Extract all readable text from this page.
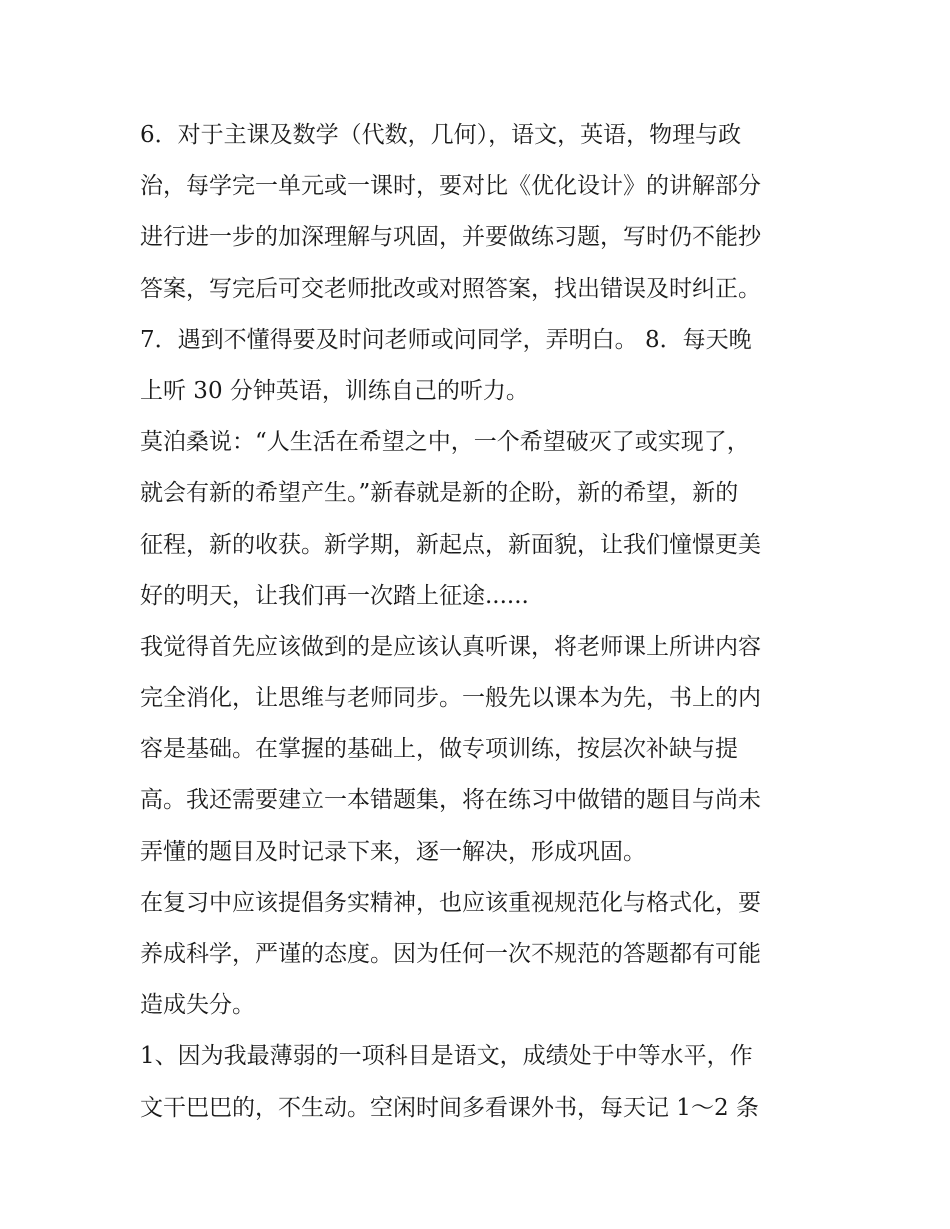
6．对于主课及数学（代数，几何），语文，英语，物理与政
治，每学完一单元或一课时，要对比《优化设计》的讲解部分
进行进一步的加深理解与巩固，并要做练习题，写时仍不能抄
答案，写完后可交老师批改或对照答案，找出错误及时纠正。
7．遇到不懂得要及时问老师或问同学，弄明白。 8．每天晚
上听 30 分钟英语，训练自己的听力。
莫泊桑说：“人生活在希望之中，一个希望破灭了或实现了，
就会有新的希望产生。”新春就是新的企盼，新的希望，新的
征程，新的收获。新学期，新起点，新面貌，让我们憧憬更美
好的明天，让我们再一次踏上征途......
我觉得首先应该做到的是应该认真听课，将老师课上所讲内容
完全消化，让思维与老师同步。一般先以课本为先，书上的内
容是基础。在掌握的基础上，做专项训练，按层次补缺与提
高。我还需要建立一本错题集，将在练习中做错的题目与尚未
弄懂的题目及时记录下来，逐一解决，形成巩固。
在复习中应该提倡务实精神，也应该重视规范化与格式化，要
养成科学，严谨的态度。因为任何一次不规范的答题都有可能
造成失分。
1、因为我最薄弱的一项科目是语文，成绩处于中等水平，作
文干巴巴的，不生动。空闲时间多看课外书，每天记 1～2 条
